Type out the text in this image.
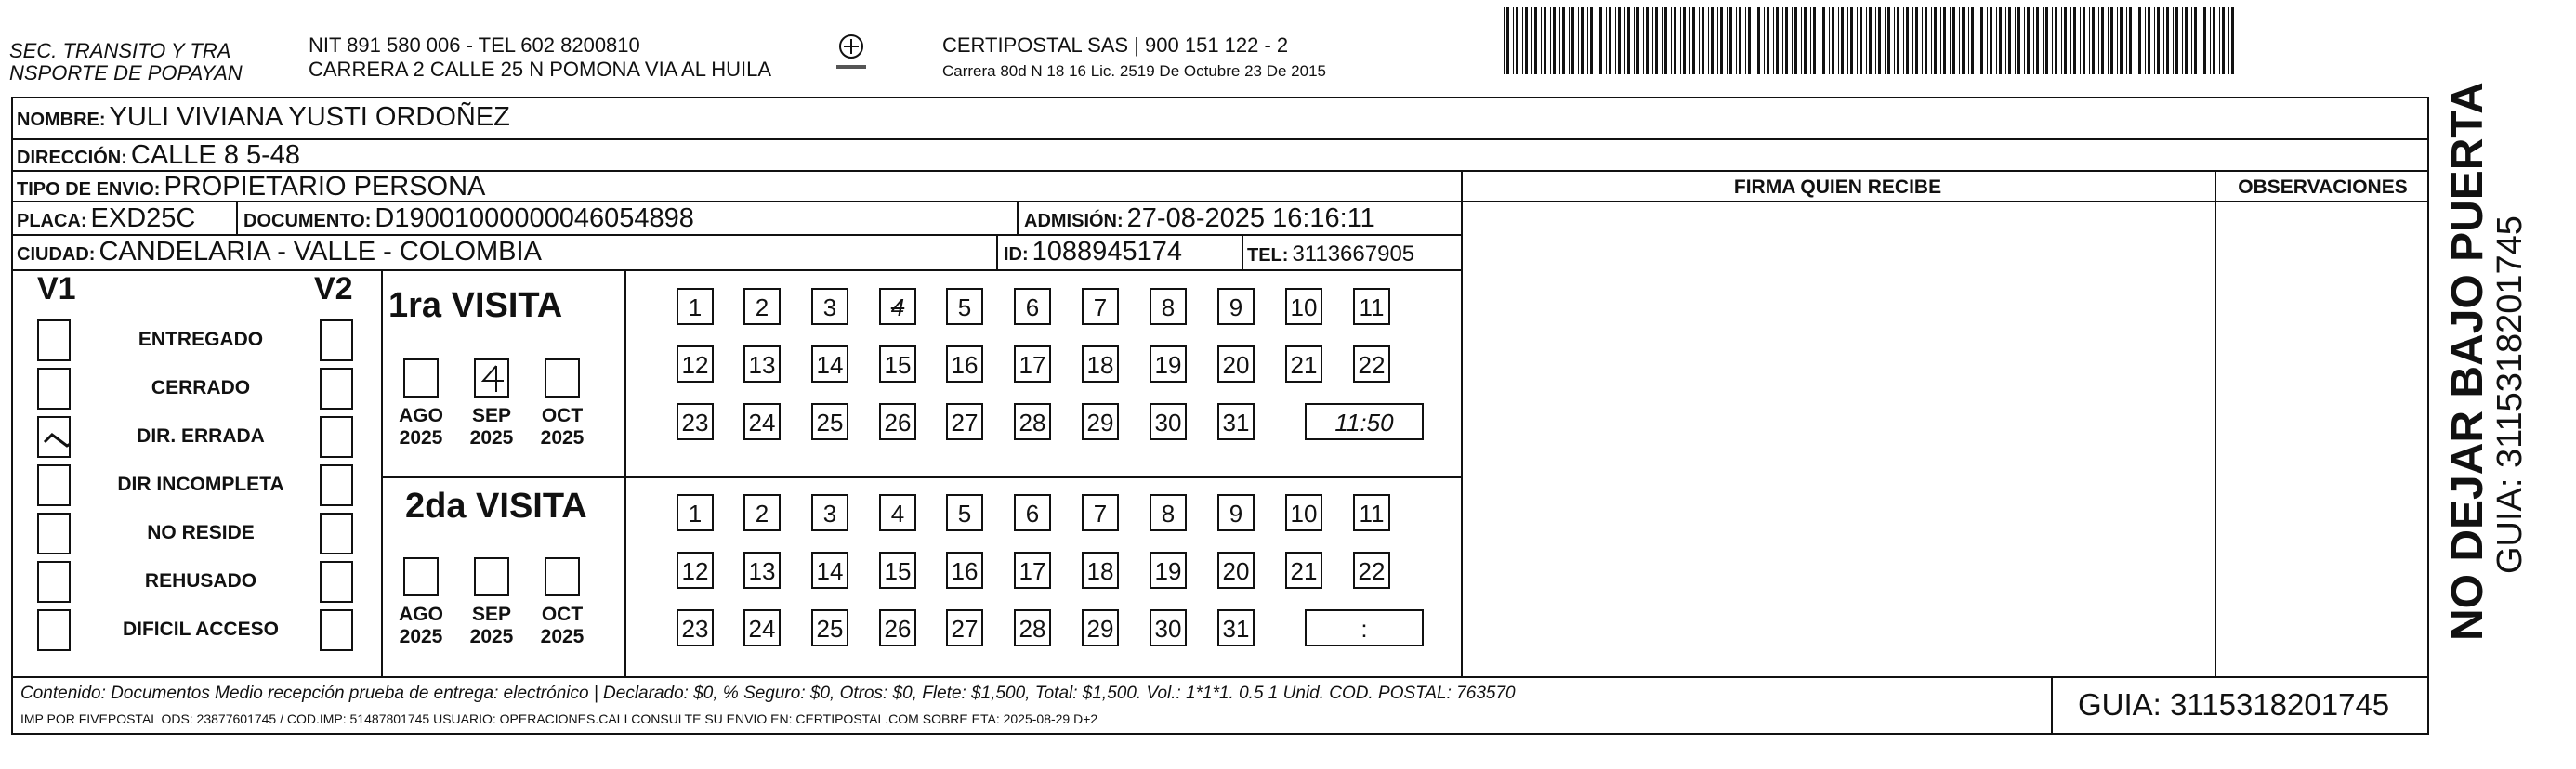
SEC. TRANSITO Y TRA
NSPORTE DE POPAYAN
NIT 891 580 006 - TEL 602 8200810
CARRERA 2 CALLE 25 N POMONA VIA AL HUILA
CERTIPOSTAL SAS | 900 151 122 - 2
Carrera 80d N 18 16 Lic. 2519 De Octubre 23 De 2015
NOMBRE: YULI VIVIANA YUSTI ORDOÑEZ
DIRECCIÓN: CALLE 8 5-48
TIPO DE ENVIO: PROPIETARIO PERSONA	FIRMA QUIEN RECIBE	OBSERVACIONES
PLACA: EXD25C	DOCUMENTO: D19001000000046054898	ADMISIÓN: 27-08-2025 16:16:11
CIUDAD: CANDELARIA - VALLE - COLOMBIA	ID: 1088945174	TEL: 3113667905
V1	V2 1ra VISITA
2da VISITA
Contenido: Documentos Medio recepción prueba de entrega: electrónico | Declarado: $0, % Seguro: $0, Otros: $0, Flete: $1,500, Total: $1,500. Vol.: 1*1*1. 0.5 1 Unid. COD. POSTAL: 763570
IMP POR FIVEPOSTAL ODS: 23877601745 / COD.IMP: 51487801745 USUARIO: OPERACIONES.CALI CONSULTE SU ENVIO EN: CERTIPOSTAL.COM SOBRE ETA: 2025-08-29 D+2	GUIA: 3115318201745
NO DEJAR BAJO PUERTA
GUIA: 3115318201745
ENTREGADO
CERRADO
DIR. ERRADA
DIR INCOMPLETA
NO RESIDE
REHUSADO
DIFICIL ACCESO
AGO
2025
SEP
2025
OCT
2025
AGO
2025
SEP
2025
OCT
2025
1	2	3	4	5	6	7	8	9	10 11
12 13 14 15 16 17 18 19 20 21 22
23 24 25 26 27 28 29 30 31	11:50
1	2	3	4	5	6	7	8	9	10 11
12 13 14 15 16 17 18 19 20 21 22
23 24 25 26 27 28 29 30 31	:
